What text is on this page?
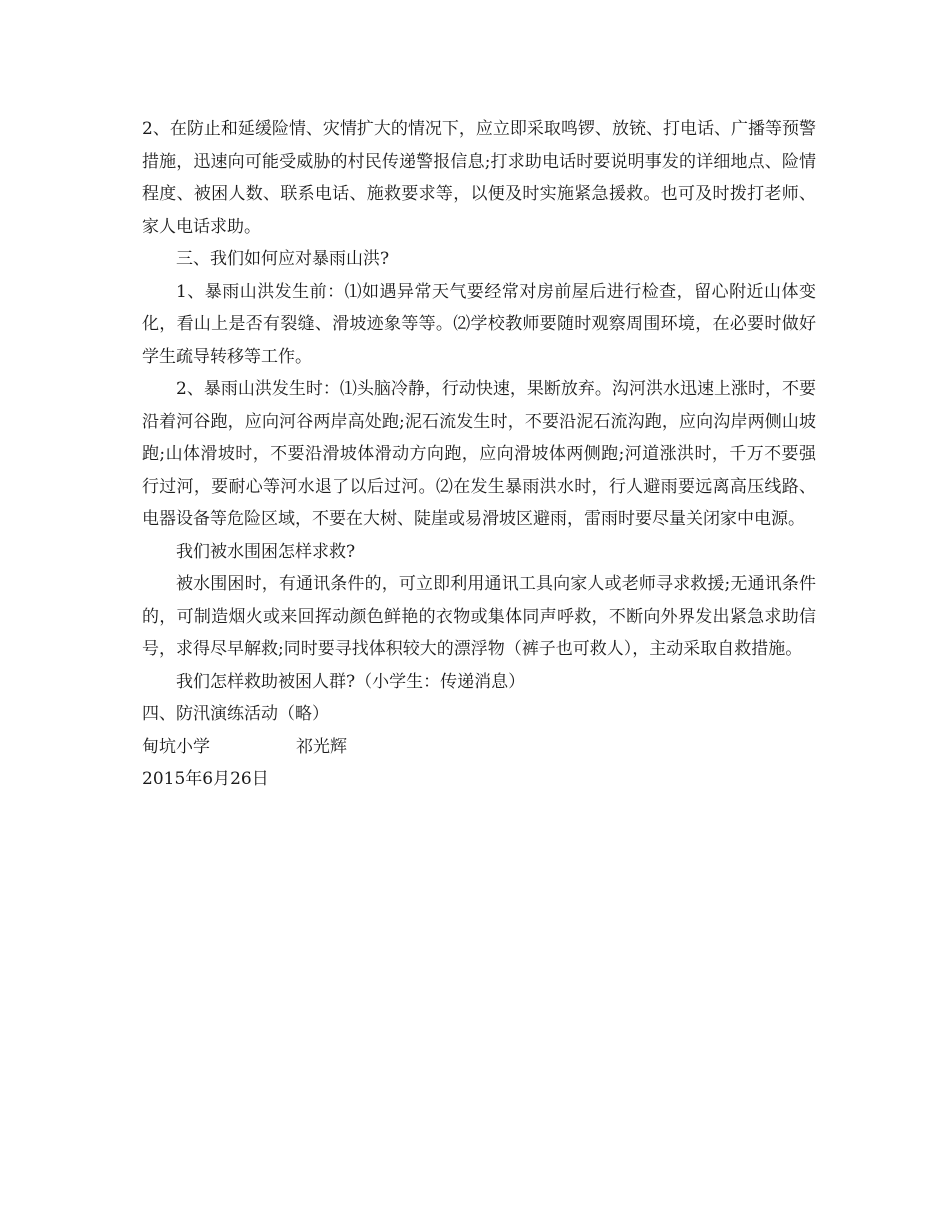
2、在防止和延缓险情、灾情扩大的情况下，应立即采取鸣锣、放铳、打电话、广播等预警措施，迅速向可能受威胁的村民传递警报信息;打求助电话时要说明事发的详细地点、险情程度、被困人数、联系电话、施救要求等，以便及时实施紧急援救。也可及时拨打老师、家人电话求助。

三、我们如何应对暴雨山洪?

1、暴雨山洪发生前：⑴如遇异常天气要经常对房前屋后进行检查，留心附近山体变化，看山上是否有裂缝、滑坡迹象等等。⑵学校教师要随时观察周围环境，在必要时做好学生疏导转移等工作。

2、暴雨山洪发生时：⑴头脑冷静，行动快速，果断放弃。沟河洪水迅速上涨时，不要沿着河谷跑，应向河谷两岸高处跑;泥石流发生时，不要沿泥石流沟跑，应向沟岸两侧山坡跑;山体滑坡时，不要沿滑坡体滑动方向跑，应向滑坡体两侧跑;河道涨洪时，千万不要强行过河，要耐心等河水退了以后过河。⑵在发生暴雨洪水时，行人避雨要远离高压线路、电器设备等危险区域，不要在大树、陡崖或易滑坡区避雨，雷雨时要尽量关闭家中电源。

我们被水围困怎样求救?

被水围困时，有通讯条件的，可立即利用通讯工具向家人或老师寻求救援;无通讯条件的，可制造烟火或来回挥动颜色鲜艳的衣物或集体同声呼救，不断向外界发出紧急求助信号，求得尽早解救;同时要寻找体积较大的漂浮物（裤子也可救人），主动采取自救措施。

我们怎样救助被困人群?（小学生：传递消息）

四、防汛演练活动（略）

甸坑小学	祁光辉

2015年6月26日
